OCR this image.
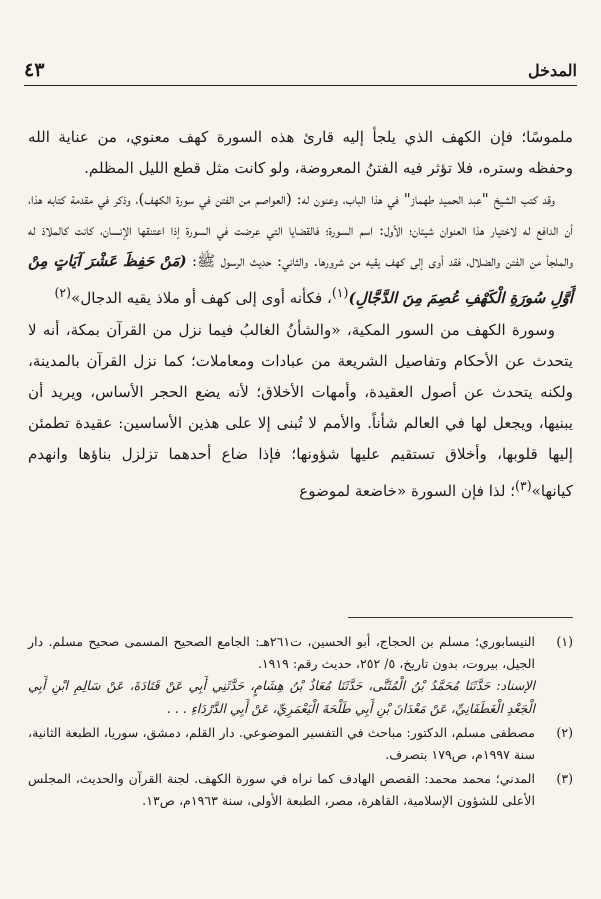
المدخل
٤٣

ملموسًا؛ فإن الكهف الذي يلجأ إليه قارئ هذه السورة كهف معنوي، من عناية الله وحفظه وستره، فلا تؤثر فيه الفتنُ المعروضة، ولو كانت مثل قطع الليل المظلم.

وقد كتب الشيخ "عبد الحميد طهماز" في هذا الباب، وعنون له: (العواصم من الفتن في سورة الكهف)، وذكر في مقدمة كتابه هذا، أن الدافع له لاختيار هذا العنوان شيئان؛ الأول: اسم السورة؛ فالقضايا التي عرضت في السورة إذا اعتنقها الإنسان، كانت كالملاذ له والملجأ من الفتن والضلال، فقد أوى إلى كهف يقيه من شرورها. والثاني: حديث الرسول ﷺ: (مَنْ حَفِظَ عَشْرَ آيَاتٍ مِنْ أَوَّلِ سُورَةِ الْكَهْفِ عُصِمَ مِنَ الدَّجَّالِ)$^{(١)}$، فكأنه أوى إلى كهف أو ملاذ يقيه الدجال»$^{(٢)}$

وسورة الكهف من السور المكية، «والشأنُ الغالبُ فيما نزل من القرآن بمكة، أنه لا يتحدث عن الأحكام وتفاصيل الشريعة من عبادات ومعاملات؛ كما نزل القرآن بالمدينة، ولكنه يتحدث عن أصول العقيدة، وأمهات الأخلاق؛ لأنه يضع الحجر الأساس، ويريد أن يبنيها، ويجعل لها في العالم شأناً. والأمم لا تُبنى إلا على هذين الأساسين: عقيدة تطمئن إليها قلوبها، وأخلاق تستقيم عليها شؤونها؛ فإذا ضاع أحدهما تزلزل بناؤها وانهدم كيانها»$^{(٣)}$؛ لذا فإن السورة «خاضعة لموضوع

(١)
النيسابوري؛ مسلم بن الحجاج، أبو الحسين، ت٢٦١هـ: الجامع الصحيح المسمى صحيح مسلم. دار الجيل، بيروت، بدون تاريخ، ٥/ ٢٥٢، حديث رقم: ١٩١٩.
الإسناد: حَدَّثَنَا مُحَمَّدُ بْنُ الْمُثَنَّى، حَدَّثَنَا مُعَاذُ بْنُ هِشَامٍ، حَدَّثَنِي أَبِي عَنْ قَتَادَةَ، عَنْ سَالِمِ ابْنِ أَبِي الْجَعْدِ الْغَطَفَانِيِّ، عَنْ مَعْدَانَ بْنِ أَبِي طَلْحَةَ الْيَعْمَرِيِّ، عَنْ أَبِي الدَّرْدَاءِ . . .
(٢)
مصطفى مسلم، الدكتور: مباحث في التفسير الموضوعي. دار القلم، دمشق، سوريا، الطبعة الثانية، سنة ١٩٩٧م، ص١٧٩ بتصرف.
(٣)
المدني؛ محمد محمد: القصص الهادف كما نراه في سورة الكهف. لجنة القرآن والحديث، المجلس الأعلى للشؤون الإسلامية، القاهرة، مصر، الطبعة الأولى، سنة ١٩٦٣م، ص١٣.
